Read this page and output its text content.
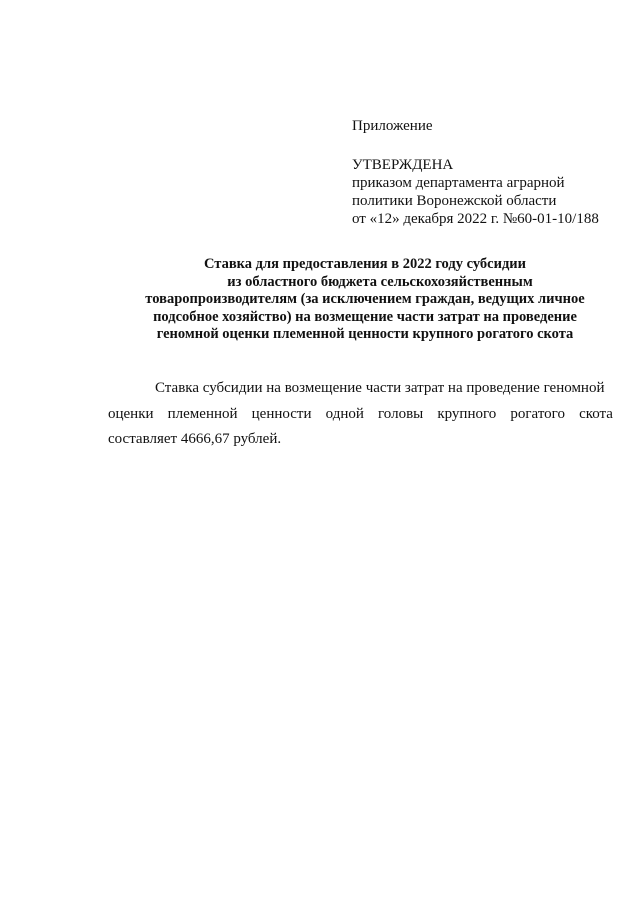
Приложение
УТВЕРЖДЕНА
приказом департамента аграрной
политики Воронежской области
от «12» декабря 2022 г. №60-01-10/188
Ставка для предоставления в 2022 году субсидии
из областного бюджета сельскохозяйственным
товаропроизводителям (за исключением граждан, ведущих личное
подсобное хозяйство) на возмещение части затрат на проведение
геномной оценки племенной ценности крупного рогатого скота
Ставка субсидии на возмещение части затрат на проведение геномной
оценки племенной ценности одной головы крупного рогатого скота
составляет 4666,67 рублей.
